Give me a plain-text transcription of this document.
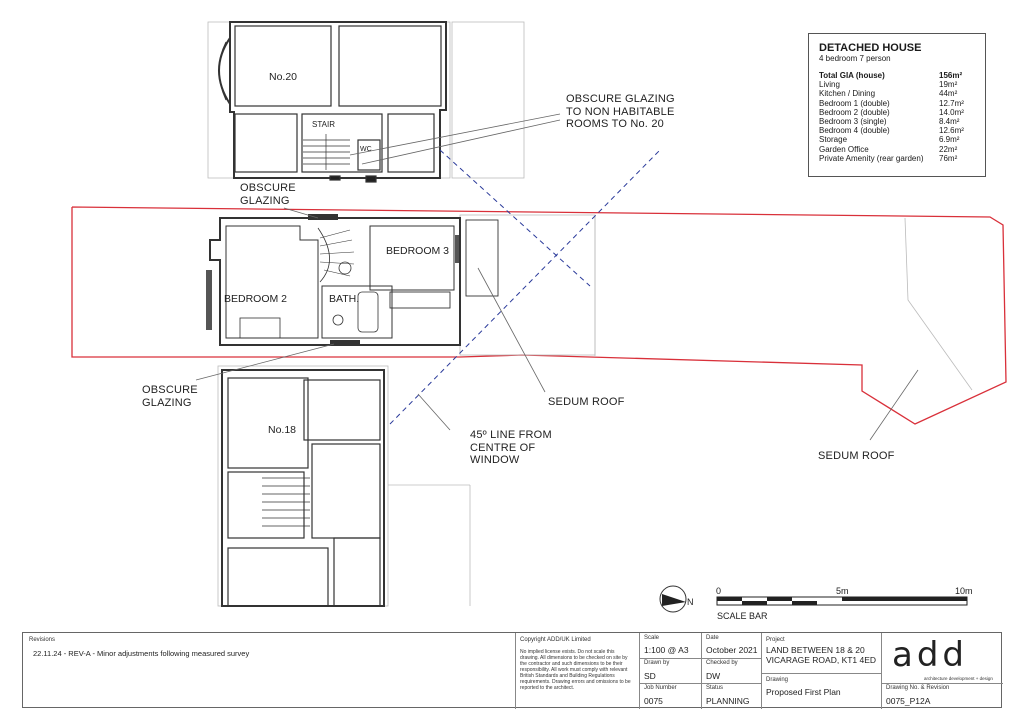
No.20
STAIR
WC
BEDROOM 3
BEDROOM 2	BATH.
No.18
OBSCURE
GLAZING
OBSCURE
GLAZING
OBSCURE GLAZING
TO NON HABITABLE
ROOMS TO No. 20
SEDUM ROOF
SEDUM ROOF
45º LINE FROM
CENTRE OF
WINDOW
N
0	5m	10m
SCALE BAR
DETACHED HOUSE
4 bedroom 7 person
Total GIA (house)	156m²
Living	19m²
Kitchen / Dining	44m²
Bedroom 1 (double)	12.7m²
Bedroom 2 (double)	14.0m²
Bedroom 3 (single)	8.4m²
Bedroom 4 (double)	12.6m²
Storage	6.9m²
Garden Office	22m²
Private Amenity (rear garden)	76m²
Revisions
22.11.24 - REV-A - Minor adjustments following measured survey
Copyright ADD/UK Limited
No implied license exists. Do not scale this drawing. All dimensions to be checked on site by the contractor and such dimensions to be their responsibility. All work must comply with relevant British Standards and Building Regulations requirements. Drawing errors and omissions to be reported to the architect.
Scale
1:100 @ A3
Drawn by
SD
Job Number
0075
Date
October 2021
Checked by
DW
Status
PLANNING
Project
LAND BETWEEN 18 & 20
VICARAGE ROAD, KT1 4ED
Drawing
Proposed First Plan
add
architecture development + design
Drawing No. & Revision
0075_P12A
